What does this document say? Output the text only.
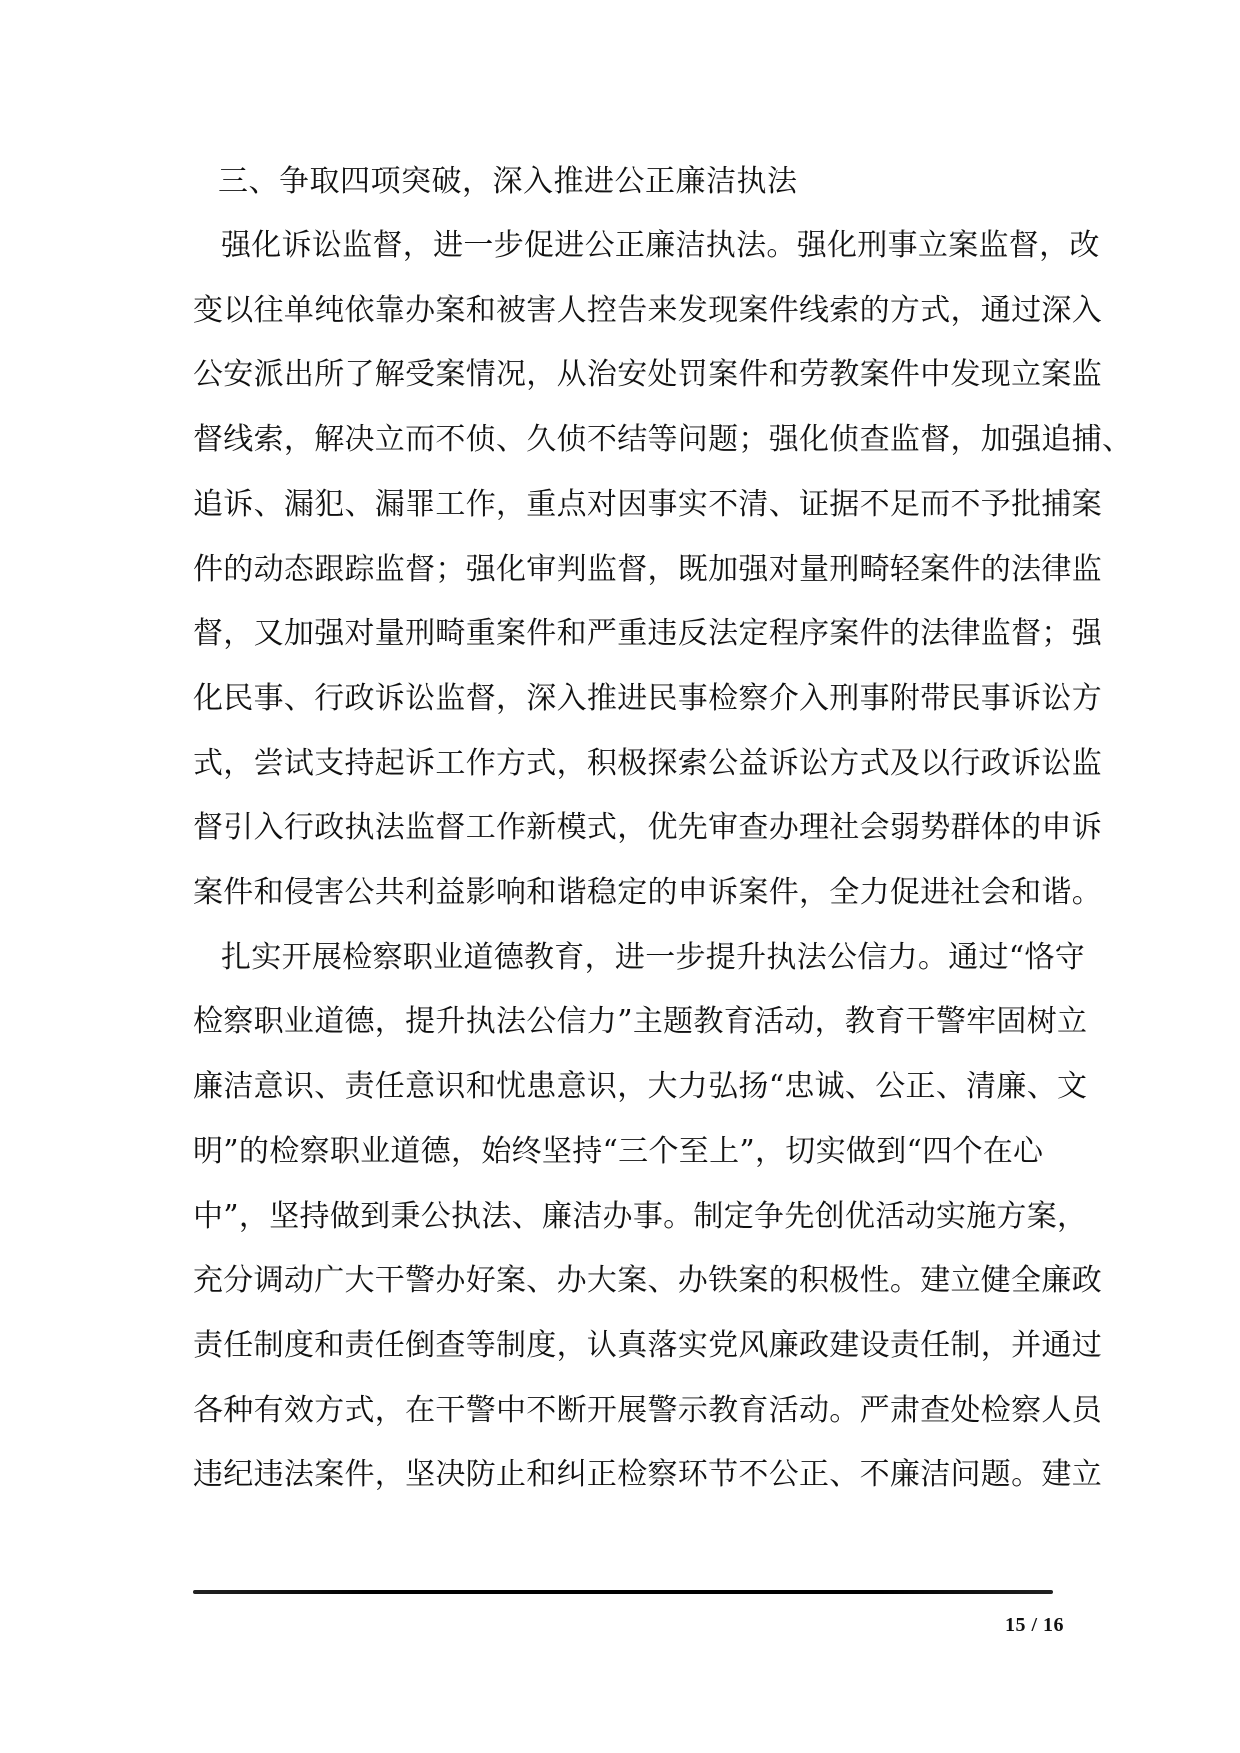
三、争取四项突破，深入推进公正廉洁执法

强化诉讼监督，进一步促进公正廉洁执法。强化刑事立案监督，改
变以往单纯依靠办案和被害人控告来发现案件线索的方式，通过深入
公安派出所了解受案情况，从治安处罚案件和劳教案件中发现立案监
督线索，解决立而不侦、久侦不结等问题；强化侦查监督，加强追捕、
追诉、漏犯、漏罪工作，重点对因事实不清、证据不足而不予批捕案
件的动态跟踪监督；强化审判监督，既加强对量刑畸轻案件的法律监
督，又加强对量刑畸重案件和严重违反法定程序案件的法律监督；强
化民事、行政诉讼监督，深入推进民事检察介入刑事附带民事诉讼方
式，尝试支持起诉工作方式，积极探索公益诉讼方式及以行政诉讼监
督引入行政执法监督工作新模式，优先审查办理社会弱势群体的申诉
案件和侵害公共利益影响和谐稳定的申诉案件，全力促进社会和谐。

扎实开展检察职业道德教育，进一步提升执法公信力。通过“恪守
检察职业道德，提升执法公信力”主题教育活动，教育干警牢固树立
廉洁意识、责任意识和忧患意识，大力弘扬“忠诚、公正、清廉、文
明”的检察职业道德，始终坚持“三个至上”，切实做到“四个在心
中”，坚持做到秉公执法、廉洁办事。制定争先创优活动实施方案，
充分调动广大干警办好案、办大案、办铁案的积极性。建立健全廉政
责任制度和责任倒查等制度，认真落实党风廉政建设责任制，并通过
各种有效方式，在干警中不断开展警示教育活动。严肃查处检察人员
违纪违法案件，坚决防止和纠正检察环节不公正、不廉洁问题。建立

15 / 16
